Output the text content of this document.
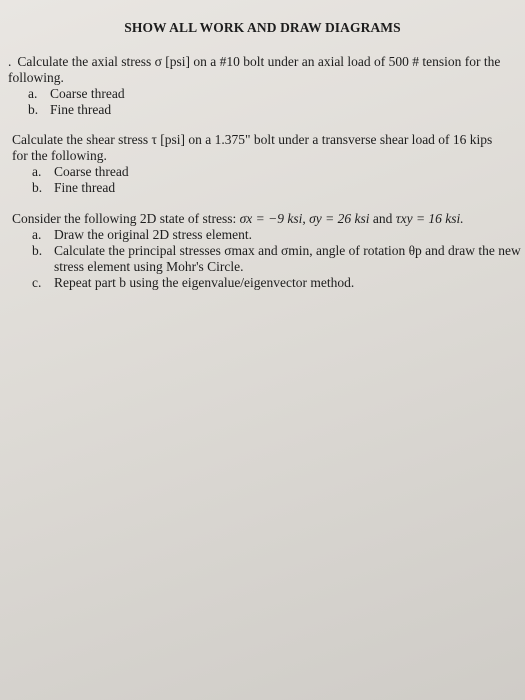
SHOW ALL WORK AND DRAW DIAGRAMS

. Calculate the axial stress σ [psi] on a #10 bolt under an axial load of 500 # tension for the

following.

a. Coarse thread
b. Fine thread

Calculate the shear stress τ [psi] on a 1.375" bolt under a transverse shear load of 16 kips

for the following.

a. Coarse thread
b. Fine thread

Consider the following 2D state of stress: σx = −9 ksi, σy = 26 ksi and τxy = 16 ksi.

a. Draw the original 2D stress element.
b. Calculate the principal stresses σmax and σmin, angle of rotation θp and draw the new stress element using Mohr's Circle.
c. Repeat part b using the eigenvalue/eigenvector method.
